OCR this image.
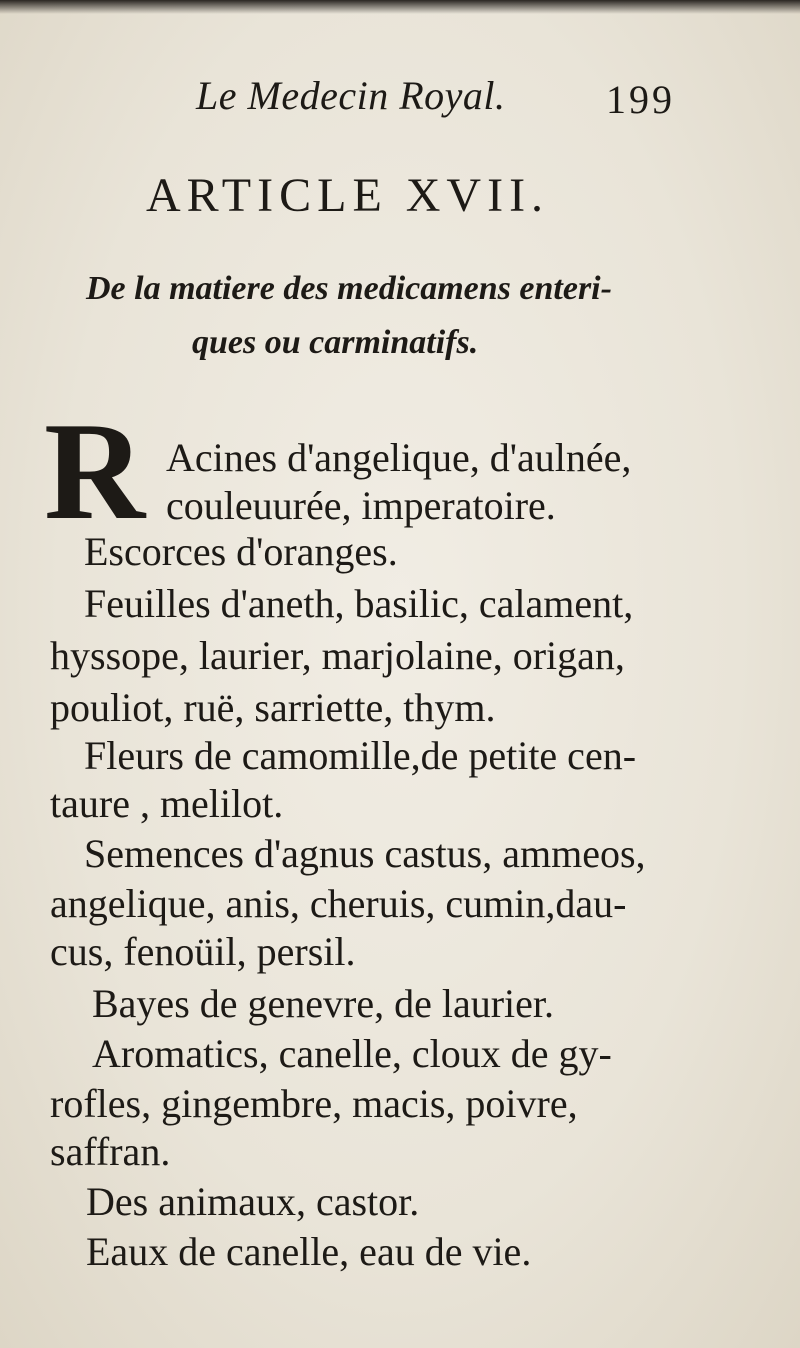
Le Medecin Royal.	199
ARTICLE XVII.
De la matiere des medicamens enteri-
ques ou carminatifs.
R Acines d'angelique, d'aulnée,
couleuurée, imperatoire.
Escorces d'oranges.
Feuilles d'aneth, basilic, calament,
hyssope, laurier, marjolaine, origan,
pouliot, ruë, sarriette, thym.
Fleurs de camomille,de petite cen-
taure , melilot.
Semences d'agnus castus, ammeos,
angelique, anis, cheruis, cumin,dau-
cus, fenoüil, persil.
Bayes de genevre, de laurier.
Aromatics, canelle, cloux de gy-
rofles, gingembre, macis, poivre,
saffran.
Des animaux, castor.
Eaux de canelle, eau de vie.
